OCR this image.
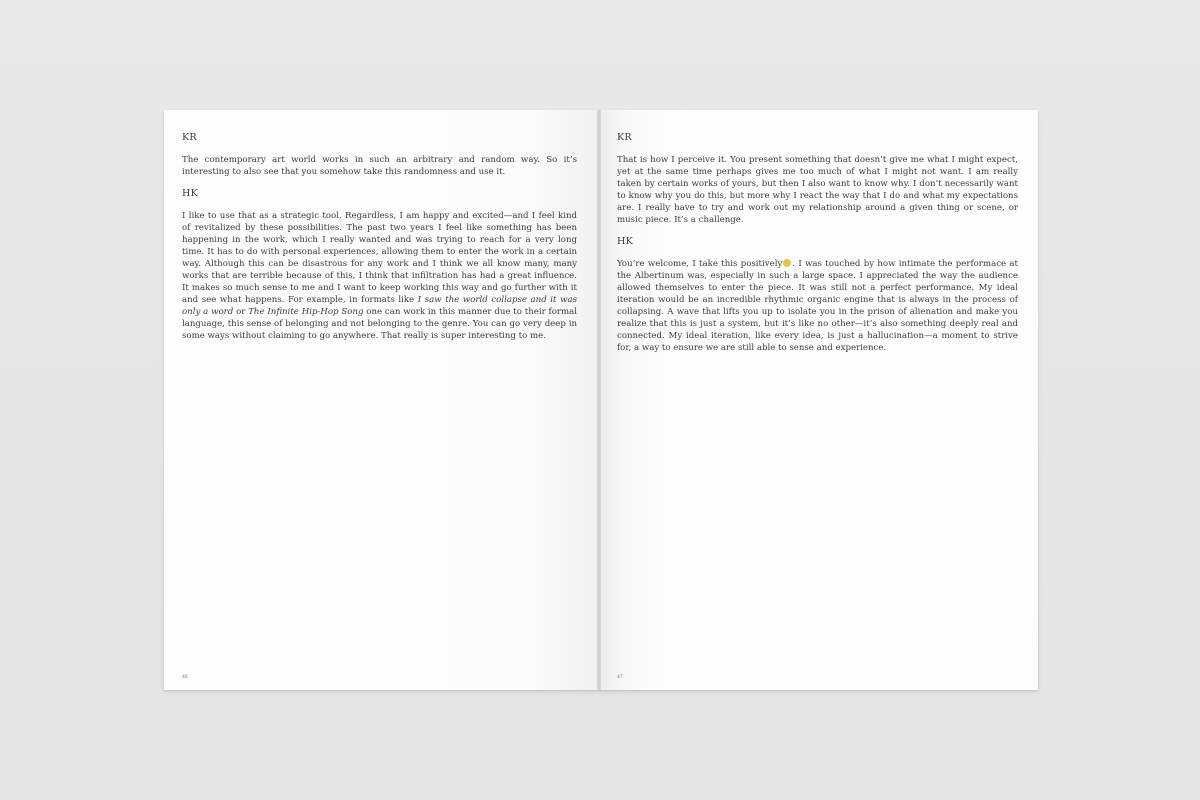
KR

The contemporary art world works in such an arbitrary and random way. So it’s interesting to also see that you somehow take this randomness and use it.

HK

I like to use that as a strategic tool. Regardless, I am happy and excited—and I feel kind of revitalized by these possibilities. The past two years I feel like something has been happening in the work, which I really wanted and was trying to reach for a very long time. It has to do with personal experiences, allowing them to enter the work in a certain way. Although this can be disastrous for any work and I think we all know many, many works that are terrible because of this, I think that infiltration has had a great influence. It makes so much sense to me and I want to keep working this way and go further with it and see what happens. For example, in formats like I saw the world collapse and it was only a word or The Infinite Hip-Hop Song one can work in this manner due to their formal language, this sense of belonging and not belonging to the genre. You can go very deep in some ways without claiming to go anywhere. That really is super interesting to me.

46
KR

That is how I perceive it. You present something that doesn’t give me what I might expect, yet at the same time perhaps gives me too much of what I might not want. I am really taken by certain works of yours, but then I also want to know why. I don’t necessarily want to know why you do this, but more why I react the way that I do and what my expectations are. I really have to try and work out my relationship around a given thing or scene, or music piece. It’s a challenge.

HK

You’re welcome, I take this positively . I was touched by how intimate the performace at the Albertinum was, especially in such a large space. I appreciated the way the audience allowed themselves to enter the piece. It was still not a perfect performance. My ideal iteration would be an incredible rhythmic organic engine that is always in the process of collapsing. A wave that lifts you up to isolate you in the prison of alienation and make you realize that this is just a system, but it’s like no other—it’s also something deeply real and connected. My ideal iteration, like every idea, is just a hallucination—a moment to strive for, a way to ensure we are still able to sense and experience.

47
